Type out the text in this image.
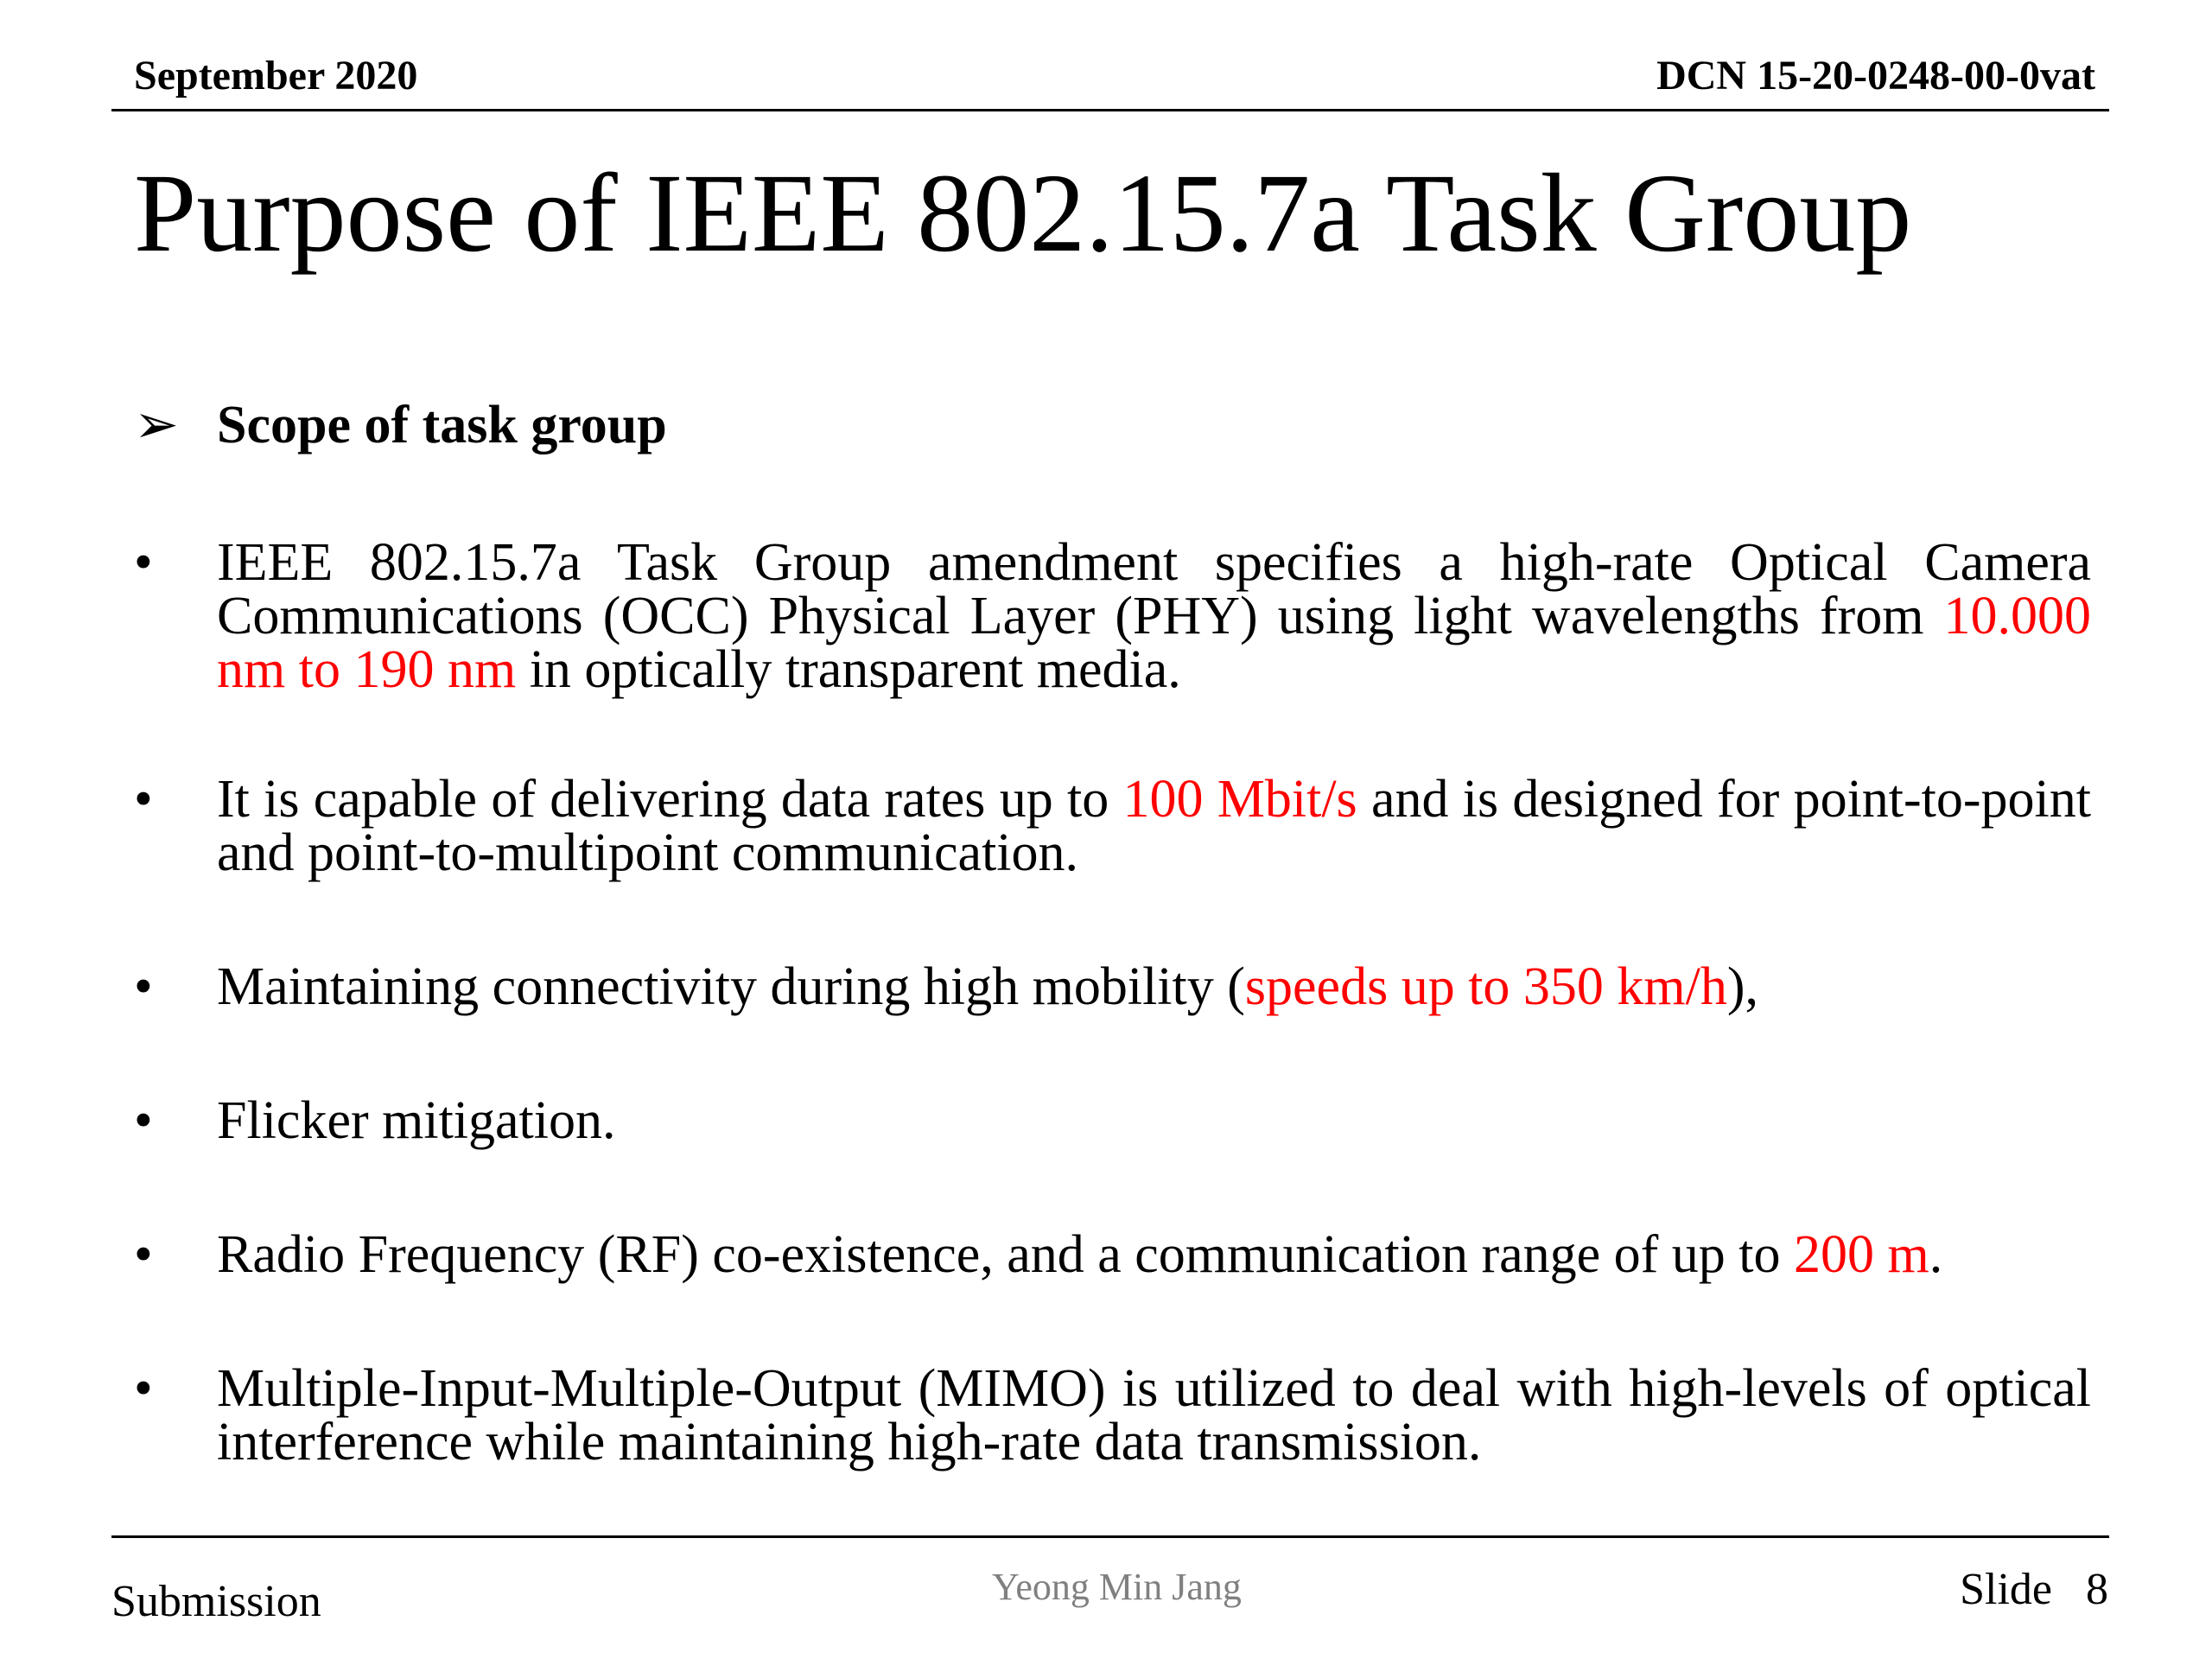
September 2020	DCN 15-20-0248-00-0vat
Purpose of IEEE 802.15.7a Task Group
➢ Scope of task group
• IEEE 802.15.7a Task Group amendment specifies a high-rate Optical Camera Communications (OCC) Physical Layer (PHY) using light wavelengths from 10.000 nm to 190 nm in optically transparent media.
• It is capable of delivering data rates up to 100 Mbit/s and is designed for point-to-point and point-to-multipoint communication.
• Maintaining connectivity during high mobility (speeds up to 350 km/h),
• Flicker mitigation.
• Radio Frequency (RF) co-existence, and a communication range of up to 200 m.
• Multiple-Input-Multiple-Output (MIMO) is utilized to deal with high-levels of optical interference while maintaining high-rate data transmission.
Submission	Yeong Min Jang	Slide 8
